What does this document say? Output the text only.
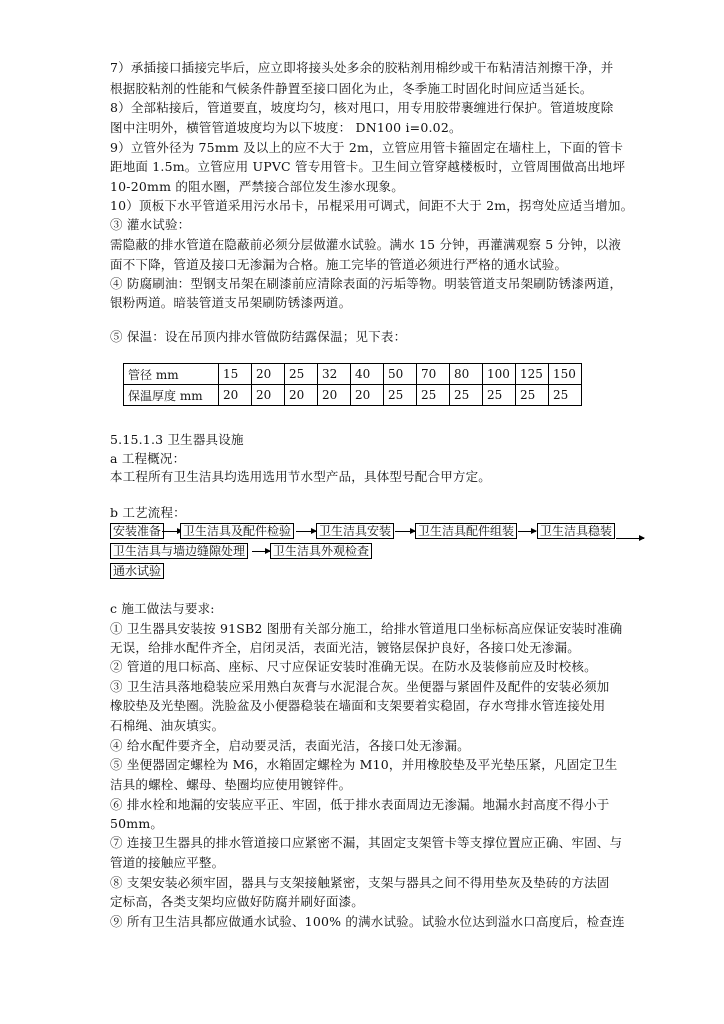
7）承插接口插接完毕后，应立即将接头处多余的胶粘剂用棉纱或干布粘清洁剂擦干净，并
根据胶粘剂的性能和气候条件静置至接口固化为止，冬季施工时固化时间应适当延长。
8）全部粘接后，管道要直，坡度均匀，核对甩口，用专用胶带裹缠进行保护。管道坡度除
图中注明外，横管管道坡度均为以下坡度： DN100 i=0.02。
9）立管外径为 75mm 及以上的应不大于 2m，立管应用管卡箍固定在墙柱上，下面的管卡
距地面 1.5m。立管应用 UPVC 管专用管卡。卫生间立管穿越楼板时，立管周围做高出地坪
10-20mm 的阻水圈，严禁接合部位发生渗水现象。
10）顶板下水平管道采用污水吊卡，吊棍采用可调式，间距不大于 2m，拐弯处应适当增加。
③ 灌水试验：
需隐蔽的排水管道在隐蔽前必须分层做灌水试验。满水 15 分钟，再灌满观察 5 分钟，以液
面不下降，管道及接口无渗漏为合格。施工完毕的管道必须进行严格的通水试验。
④ 防腐刷油：型钢支吊架在刷漆前应清除表面的污垢等物。明装管道支吊架刷防锈漆两道，
银粉两道。暗装管道支吊架刷防锈漆两道。
⑤ 保温：设在吊顶内排水管做防结露保温；见下表：
管径 mm	15	20	25	32	40	50	70	80	100	125	150
保温厚度 mm	20	20	20	20	20	25	25	25	25	25	25
5.15.1.3 卫生器具设施
a 工程概况：
本工程所有卫生洁具均选用选用节水型产品，具体型号配合甲方定。
b 工艺流程：
安装准备 卫生洁具及配件检验 卫生洁具安装 卫生洁具配件组装 卫生洁具稳装
卫生洁具与墙边缝隙处理 卫生洁具外观检查
通水试验
c 施工做法与要求:
① 卫生器具安装按 91SB2 图册有关部分施工，给排水管道甩口坐标标高应保证安装时准确
无误，给排水配件齐全，启闭灵活，表面光洁，镀铬层保护良好，各接口处无渗漏。
② 管道的甩口标高、座标、尺寸应保证安装时准确无误。在防水及装修前应及时校核。
③ 卫生洁具落地稳装应采用熟白灰膏与水泥混合灰。坐便器与紧固件及配件的安装必须加
橡胶垫及光垫圈。洗脸盆及小便器稳装在墙面和支架要着实稳固，存水弯排水管连接处用
石棉绳、油灰填实。
④ 给水配件要齐全，启动要灵活，表面光洁，各接口处无渗漏。
⑤ 坐便器固定螺栓为 M6，水箱固定螺栓为 M10，并用橡胶垫及平光垫压紧，凡固定卫生
洁具的螺栓、螺母、垫圈均应使用镀锌件。
⑥ 排水栓和地漏的安装应平正、牢固，低于排水表面周边无渗漏。地漏水封高度不得小于
50mm。
⑦ 连接卫生器具的排水管道接口应紧密不漏，其固定支架管卡等支撑位置应正确、牢固、与
管道的接触应平整。
⑧ 支架安装必须牢固，器具与支架接触紧密，支架与器具之间不得用垫灰及垫砖的方法固
定标高，各类支架均应做好防腐并刷好面漆。
⑨ 所有卫生洁具都应做通水试验、100% 的满水试验。试验水位达到溢水口高度后，检查连
